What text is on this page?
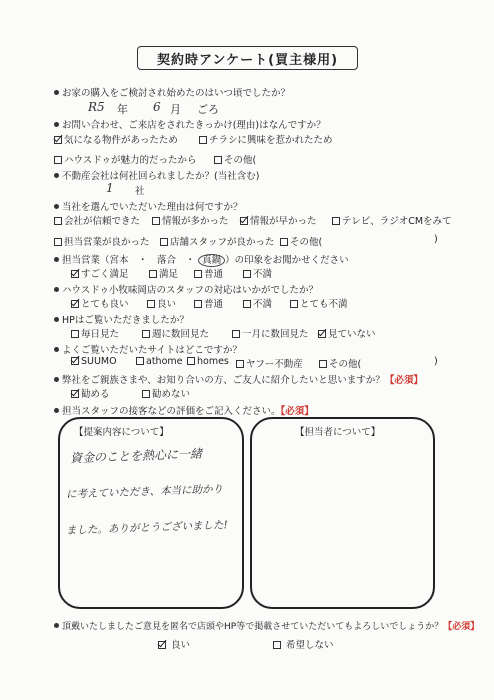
契約時アンケート(買主様用)
お家の購入をご検討され始めたのはいつ頃でしたか？
R5 年 6 月 ごろ
お問い合わせ、ご来店をされたきっかけ(理由)はなんですか？
気になる物件があったため	チラシに興味を惹かれたため
ハウスドゥが魅力的だったから	その他(
不動産会社は何社回られましたか？(当社含む)
1 社
当社を選んでいただいた理由は何ですか？
会社が信頼できた	情報が多かった	情報が早かった	テレビ、ラジオCMをみて
担当営業が良かった	店舗スタッフが良かった	その他(	)
担当営業（宮本　・　落合　・ 真鍋 ）の印象をお聞かせください
すごく満足	満足	普通	不満
ハウスドゥ小牧味岡店のスタッフの対応はいかがでしたか？
とても良い	良い	普通	不満	とても不満
HPはご覧いただきましたか？
毎日見た	週に数回見た	一月に数回見た	見ていない
よくご覧いただいたサイトはどこですか？
SUUMO	athome	homes	ヤフー不動産	その他(	)
弊社をご親族さまや、お知り合いの方、ご友人に紹介したいと思いますか？【必須】
勧める	勧めない
担当スタッフの接客などの評価をご記入ください。【必須】
【提案内容について】
資金のことを熱心に一緒
に考えていただき、本当に助かり
ました。ありがとうございました!
【担当者について】
頂戴いたしましたご意見を匿名で店頭やHP等で掲載させていただいてもよろしいでしょうか？【必須】
良い	希望しない
